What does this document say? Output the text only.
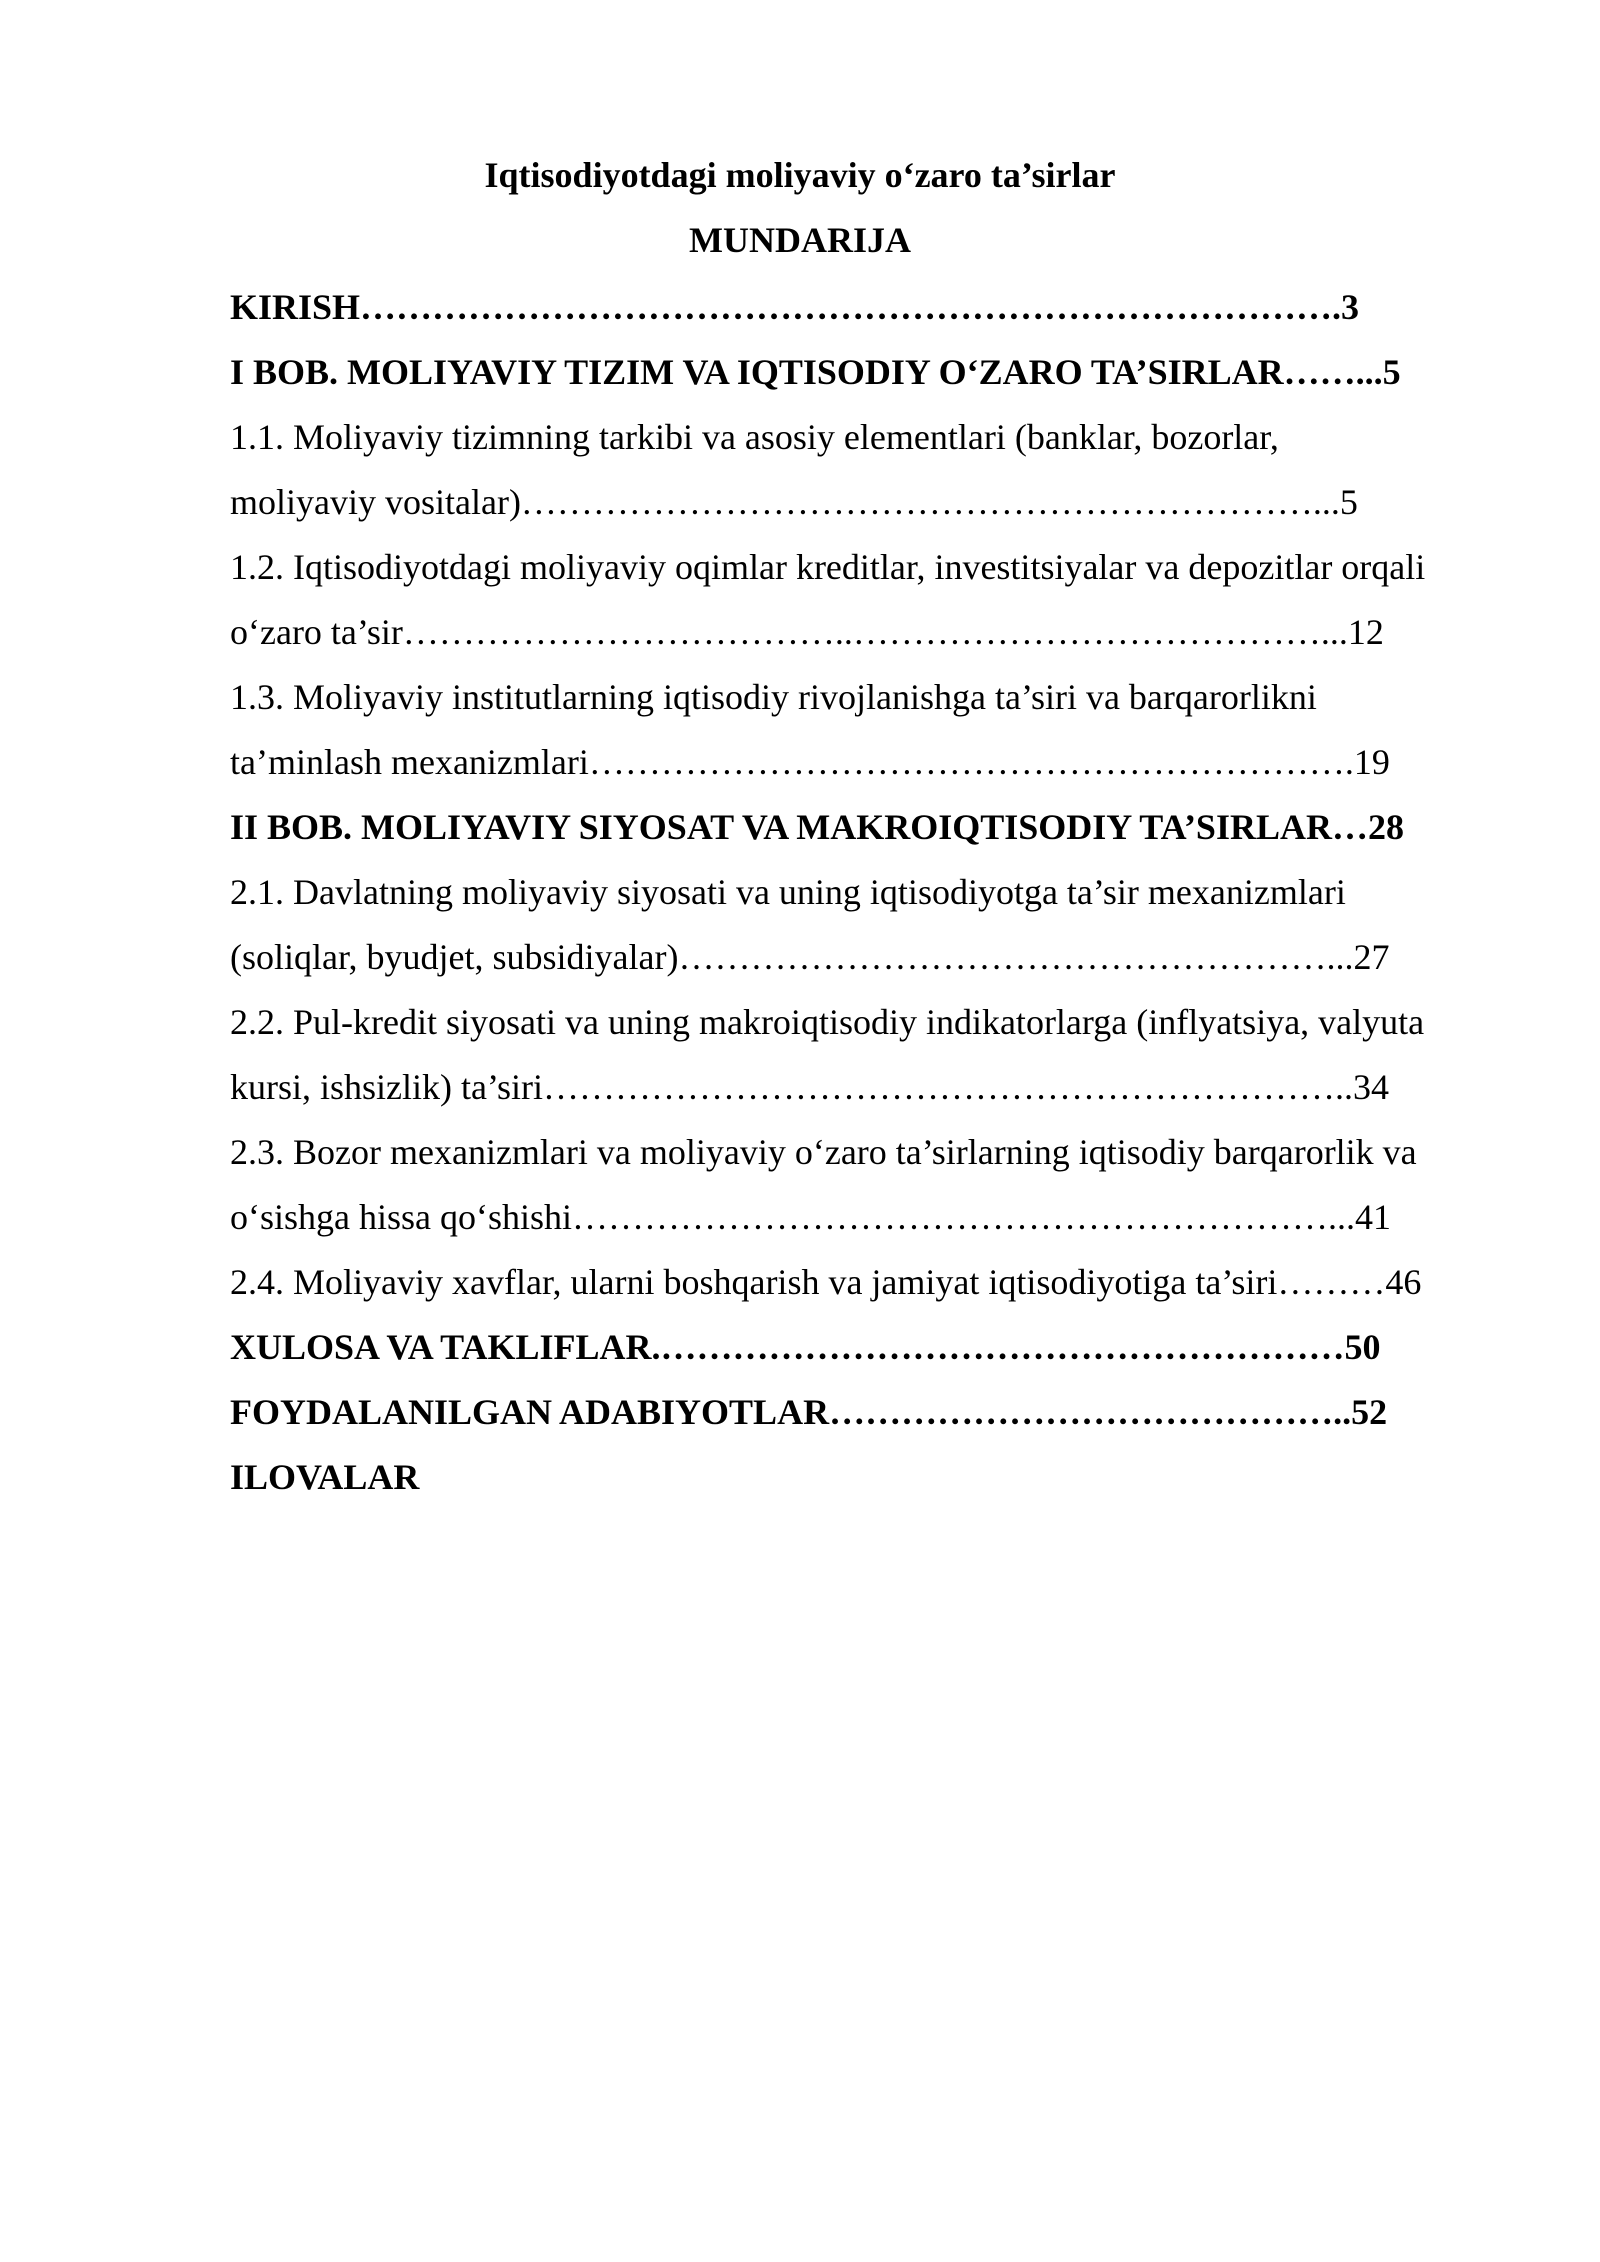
Iqtisodiyotdagi moliyaviy o‘zaro ta’sirlar
MUNDARIJA
KIRISH……………………………………………………………………….3
I BOB. MOLIYAVIY TIZIM VA IQTISODIY O‘ZARO TA’SIRLAR……...5
1.1. Moliyaviy tizimning tarkibi va asosiy elementlari (banklar, bozorlar,
moliyaviy vositalar)…………………………………………………………...5
1.2. Iqtisodiyotdagi moliyaviy oqimlar kreditlar, investitsiyalar va depozitlar orqali
o‘zaro ta’sir………………………………..…………………………………...12
1.3. Moliyaviy institutlarning iqtisodiy rivojlanishga ta’siri va barqarorlikni
ta’minlash mexanizmlari……………………………………………………….19
II BOB. MOLIYAVIY SIYOSAT VA MAKROIQTISODIY TA’SIRLAR…28
2.1. Davlatning moliyaviy siyosati va uning iqtisodiyotga ta’sir mexanizmlari
(soliqlar, byudjet, subsidiyalar)………………………………………………...27
2.2. Pul-kredit siyosati va uning makroiqtisodiy indikatorlarga (inflyatsiya, valyuta
kursi, ishsizlik) ta’siri…………………………………………………………..34
2.3. Bozor mexanizmlari va moliyaviy o‘zaro ta’sirlarning iqtisodiy barqarorlik va
o‘sishga hissa qo‘shishi………………………………………………………...41
2.4. Moliyaviy xavflar, ularni boshqarish va jamiyat iqtisodiyotiga ta’siri………46
XULOSA VA TAKLIFLAR.…………………………………………………50
FOYDALANILGAN ADABIYOTLAR……………………………………..52
ILOVALAR
